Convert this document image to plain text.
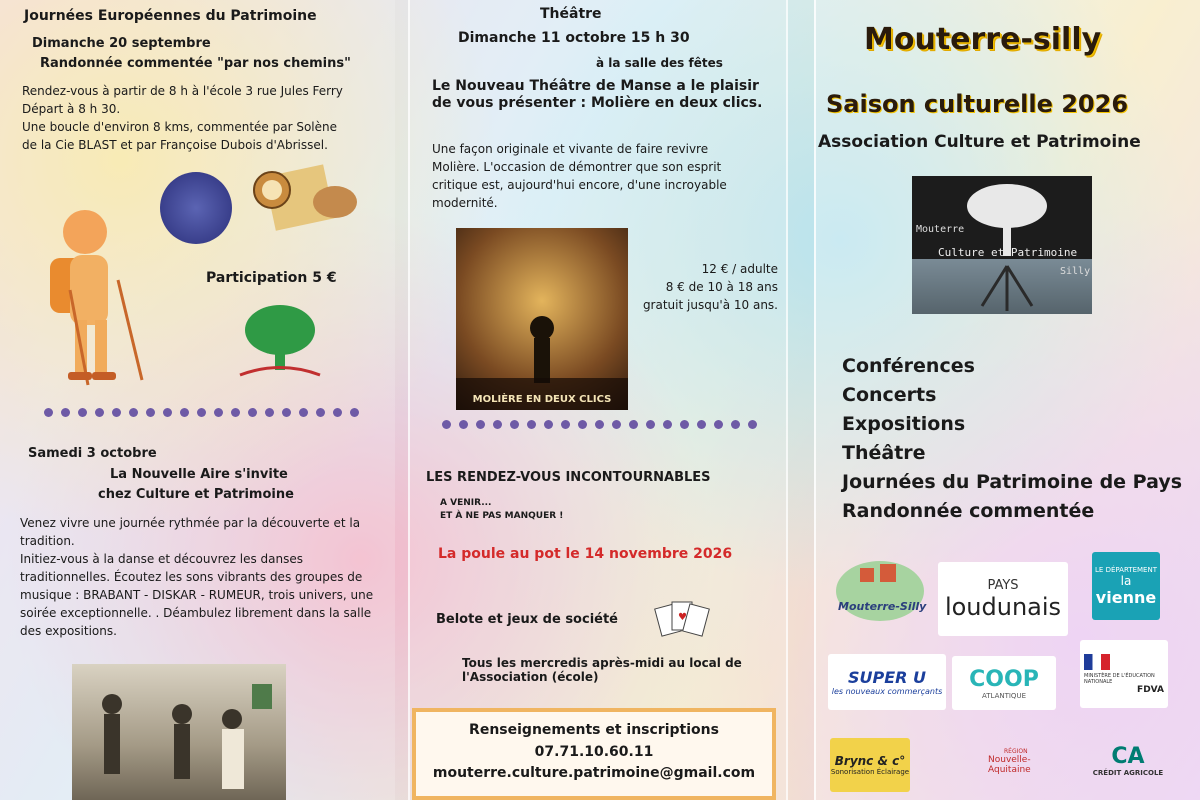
Journées Européennes du Patrimoine
Dimanche 20 septembre
Randonnée commentée "par nos chemins"
Rendez-vous à partir de 8 h à l'école 3 rue Jules Ferry
Départ à 8 h 30.
Une boucle d'environ 8 kms, commentée par Solène
de la Cie BLAST et par Françoise Dubois d'Abrissel.
Participation 5 €
Samedi 3 octobre
La Nouvelle Aire s'invite
chez Culture et Patrimoine
Venez vivre une journée rythmée par la découverte et la tradition.
Initiez-vous à la danse et découvrez les danses traditionnelles. Écoutez les sons vibrants des groupes de musique : BRABANT - DISKAR - RUMEUR, trois univers, une soirée exceptionnelle. . Déambulez librement dans la salle des expositions.
Théâtre
Dimanche 11 octobre 15 h 30
à la salle des fêtes
Le Nouveau Théâtre de Manse a le plaisir de vous présenter : Molière en deux clics.
Une façon originale et vivante de faire revivre Molière. L'occasion de démontrer que son esprit critique est, aujourd'hui encore, d'une incroyable modernité.
MOLIÈRE EN DEUX CLICS
12 € / adulte
8 € de 10 à 18 ans
gratuit jusqu'à 10 ans.
LES RENDEZ-VOUS INCONTOURNABLES
A VENIR...
ET À NE PAS MANQUER !
La poule au pot le 14 novembre 2026
Belote et jeux de société	♥
Tous les mercredis après-midi au local de
l'Association (école)
Renseignements et inscriptions
07.71.10.60.11
mouterre.culture.patrimoine@gmail.com
Mouterre-silly
Saison culturelle 2026
Association Culture et Patrimoine
Mouterre
Culture et Patrimoine
Silly
Conférences
Concerts
Expositions
Théâtre
Journées du Patrimoine de Pays
Randonnée commentée
Mouterre-Silly
PAYS
loudunais
LE DÉPARTEMENT
la
vienne
SUPER U
les nouveaux commerçants COOP
ATLANTIQUE
MINISTÈRE DE L'ÉDUCATION NATIONALE
FDVA
Brync & c°
Sonorisation Éclairage
RÉGION
Nouvelle-Aquitaine
CA
CRÉDIT AGRICOLE
